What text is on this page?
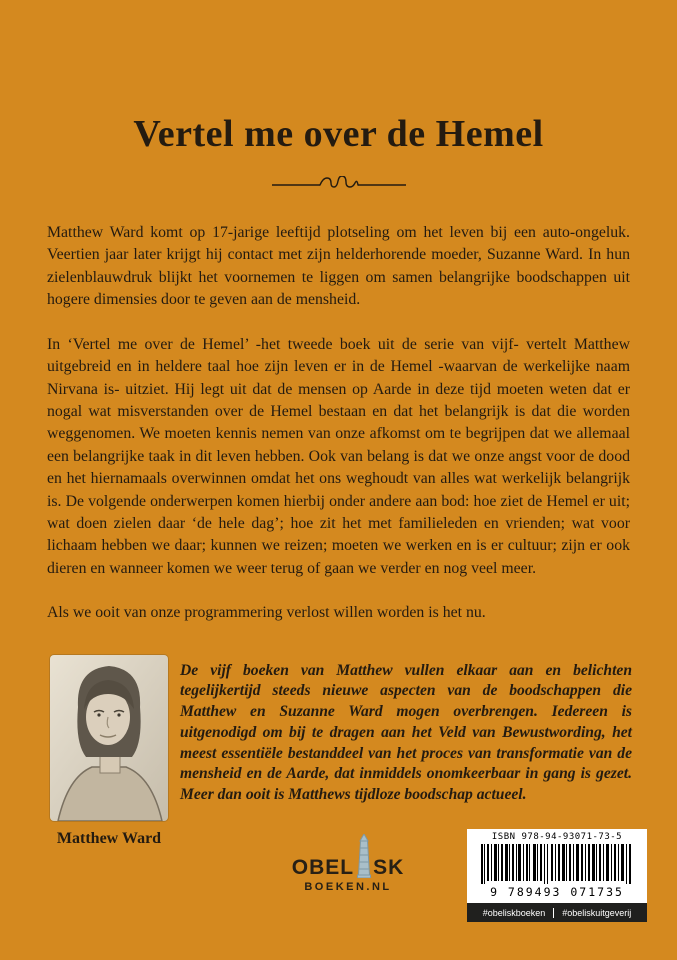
Vertel me over de Hemel

Matthew Ward komt op 17-jarige leeftijd plotseling om het leven bij een auto-ongeluk. Veertien jaar later krijgt hij contact met zijn helderhorende moeder, Suzanne Ward. In hun zielenblauwdruk blijkt het voornemen te liggen om samen belangrijke boodschappen uit hogere dimensies door te geven aan de mensheid.

In ‘Vertel me over de Hemel’ -het tweede boek uit de serie van vijf- vertelt Matthew uitgebreid en in heldere taal hoe zijn leven er in de Hemel -waarvan de werkelijke naam Nirvana is- uitziet. Hij legt uit dat de mensen op Aarde in deze tijd moeten weten dat er nogal wat misverstanden over de Hemel bestaan en dat het belangrijk is dat die worden weggenomen. We moeten kennis nemen van onze afkomst om te begrijpen dat we allemaal een belangrijke taak in dit leven hebben. Ook van belang is dat we onze angst voor de dood en het hiernamaals overwinnen omdat het ons weghoudt van alles wat werkelijk belangrijk is. De volgende onderwerpen komen hierbij onder andere aan bod: hoe ziet de Hemel er uit; wat doen zielen daar ‘de hele dag’; hoe zit het met familieleden en vrienden; wat voor lichaam hebben we daar; kunnen we reizen; moeten we werken en is er cultuur; zijn er ook dieren en wanneer komen we weer terug of gaan we verder en nog veel meer.

Als we ooit van onze programmering verlost willen worden is het nu.

Matthew Ward

De vijf boeken van Matthew vullen elkaar aan en belichten tegelijkertijd steeds nieuwe aspecten van de boodschappen die Matthew en Suzanne Ward mogen overbrengen. Iedereen is uitgenodigd om bij te dragen aan het Veld van Bewustwording, het meest essentiële bestanddeel van het proces van transformatie van de mensheid en de Aarde, dat inmiddels onomkeerbaar in gang is gezet. Meer dan ooit is Matthews tijdloze boodschap actueel.

OBEL SK
BOEKEN.NL
ISBN 978-94-93071-73-5
9 789493 071735
#obeliskboeken #obeliskuitgeverij
